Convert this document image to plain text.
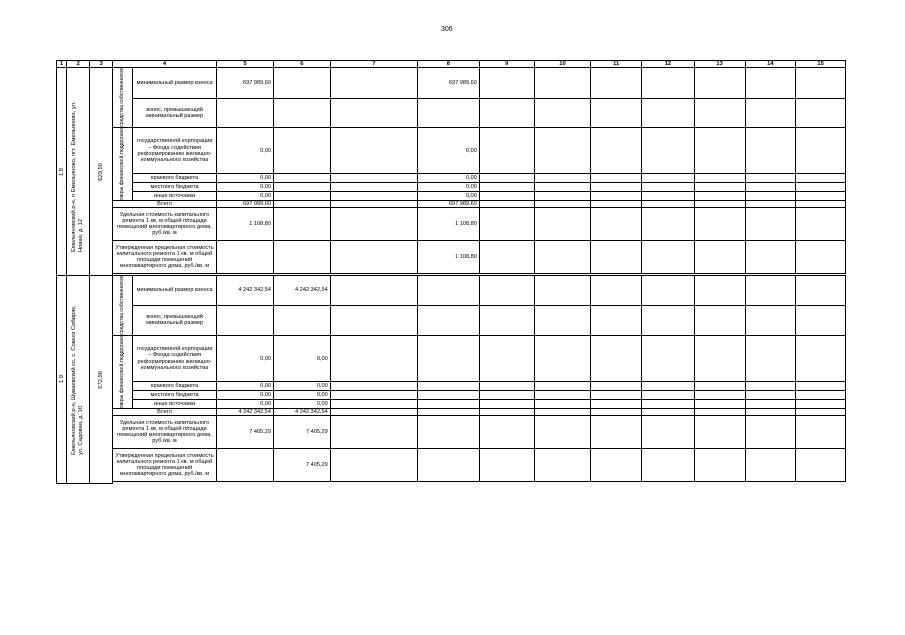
306
1	2	3	4		5	6	7	8	9	10	11	12	13	14	15

1.8	Емельяновский р-н, п Емельяново, пгт. Емельяново, ул. Новая, д. 12	629,50	средства собственников	минимальный размер взноса	697 989,60			697 989,60							
				взнос, превышающий минимальный размер											

			меры финансовой поддержки	государственной корпорации – Фонда содействия реформированию жилищно-коммунального хозяйства	0,00			0,00							
				краевого бюджета	0,00			0,00							
				местного бюджета	0,00			0,00							
				иные источники	0,00			0,00							
			Всего		697 989,60			697 989,60							
			Удельная стоимость капитального ремонта 1 кв. м общей площади помещений многоквартирного дома, руб./кв. м		1 108,80			1 108,80							
			Утвержденная предельная стоимость капитального ремонта 1 кв. м общей площади помещений многоквартирного дома, руб./кв. м					1 108,80							

1.9	Емельяновский р-н, Шуваевский сс, с. Совхоз Сибиряк, ул. Садовая, д. 10	572,98	средства собственников	минимальный размер взноса	4 242 342,54	4 242 342,54									
				взнос, превышающий минимальный размер											

			меры финансовой поддержки	государственной корпорации – Фонда содействия реформированию жилищно-коммунального хозяйства	0,00	0,00									
				краевого бюджета	0,00	0,00									
				местного бюджета	0,00	0,00									
				иные источники	0,00	0,00									
			Всего		4 242 342,54	4 242 342,54									
			Удельная стоимость капитального ремонта 1 кв. м общей площади помещений многоквартирного дома, руб./кв. м		7 405,29	7 405,29									
			Утвержденная предельная стоимость капитального ремонта 1 кв. м общей площади помещений многоквартирного дома, руб./кв. м			7 405,29									
